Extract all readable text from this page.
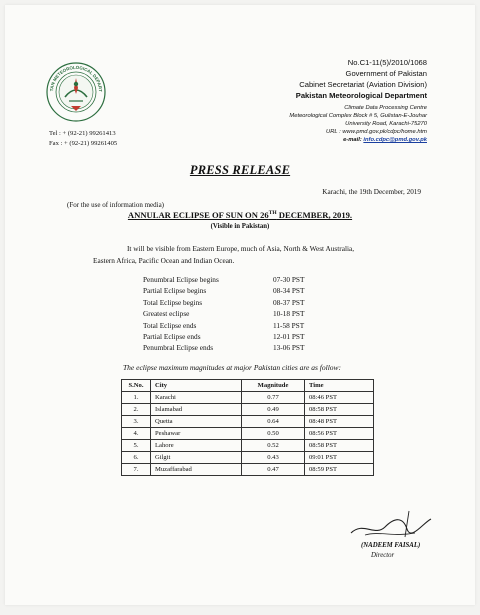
TAN METEOROLOGICAL DEPART
No.C1-11(5)/2010/1068
Government of Pakistan
Cabinet Secretariat (Aviation Division)
Pakistan Meteorological Department
Climate Data Processing Centre
Meteorological Complex Block # 5, Gulistan-E-Jouhar
University Road, Karachi-75270
URL : www.pmd.gov.pk/cdpc/home.htm
e-mail: info.cdpc@pmd.gov.pk
Tel : + (92-21) 99261413
Fax : + (92-21) 99261405
PRESS RELEASE
Karachi, the 19th December, 2019
(For the use of information media)
ANNULAR ECLIPSE OF SUN ON 26TH DECEMBER, 2019.
(Visible in Pakistan)
It will be visible from Eastern Europe, much of Asia, North & West Australia,
Eastern Africa, Pacific Ocean and Indian Ocean.
Penumbral Eclipse begins	07-30 PST
Partial Eclipse begins	08-34 PST
Total Eclipse begins	08-37 PST
Greatest eclipse	10-18 PST
Total Eclipse ends	11-58 PST
Partial Eclipse ends	12-01 PST
Penumbral Eclipse ends	13-06 PST
The eclipse maximum magnitudes at major Pakistan cities are as follow:
S.No.	City	Magnitude	Time
1.	Karachi	0.77	08:46 PST
2.	Islamabad	0.49	08:58 PST
3.	Quetta	0.64	08:48 PST
4.	Peshawar	0.50	08:56 PST
5.	Lahore	0.52	08:58 PST
6.	Gilgit	0.43	09:01 PST
7.	Muzaffarabad	0.47	08:59 PST
(NADEEM FAISAL)
Director
